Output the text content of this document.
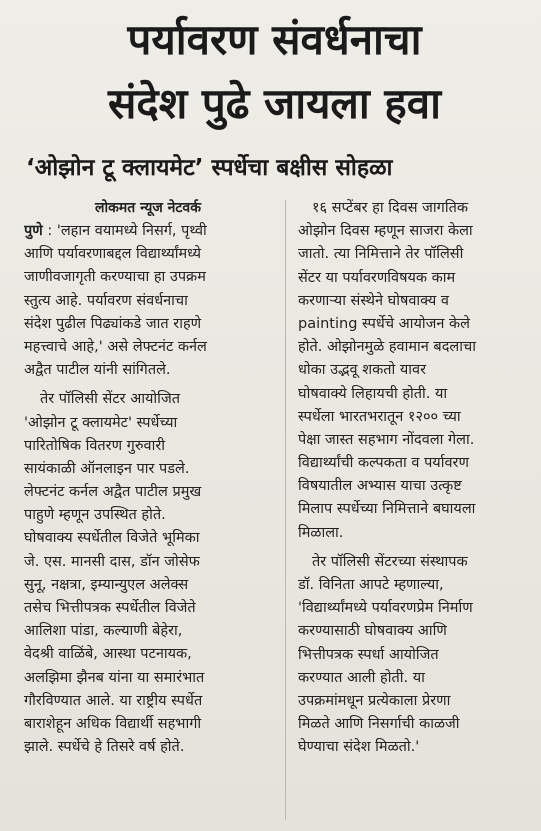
पर्यावरण संवर्धनाचा
संदेश पुढे जायला हवा
‘ओझोन टू क्लायमेट’ स्पर्धेचा बक्षीस सोहळा
लोकमत न्यूज नेटवर्क
पुणे : 'लहान वयामध्ये निसर्ग, पृथ्वी
आणि पर्यावरणाबद्दल विद्यार्थ्यांमध्ये
जाणीवजागृती करण्याचा हा उपक्रम
स्तुत्य आहे. पर्यावरण संवर्धनाचा
संदेश पुढील पिढ्यांकडे जात राहणे
महत्त्वाचे आहे,' असे लेफ्टनंट कर्नल
अद्वैत पाटील यांनी सांगितले.
तेर पॉलिसी सेंटर आयोजित
'ओझोन टू क्लायमेट' स्पर्धेच्या
पारितोषिक वितरण गुरुवारी
सायंकाळी ऑनलाइन पार पडले.
लेफ्टनंट कर्नल अद्वैत पाटील प्रमुख
पाहुणे म्हणून उपस्थित होते.
घोषवाक्य स्पर्धेतील विजेते भूमिका
जे. एस. मानसी दास, डॉन जोसेफ
सुनू, नक्षत्रा, इम्यान्युएल अलेक्स
तसेच भित्तीपत्रक स्पर्धेतील विजेते
आलिशा पांडा, कल्याणी बेहेरा,
वेदश्री वाळिंबे, आस्था पटनायक,
अलझिमा झैनब यांना या समारंभात
गौरविण्यात आले. या राष्ट्रीय स्पर्धेत
बाराशेहून अधिक विद्यार्थी सहभागी
झाले. स्पर्धेचे हे तिसरे वर्ष होते.
१६ सप्टेंबर हा दिवस जागतिक
ओझोन दिवस म्हणून साजरा केला
जातो. त्या निमित्ताने तेर पॉलिसी
सेंटर या पर्यावरणविषयक काम
करणाऱ्या संस्थेने घोषवाक्य व
painting स्पर्धेचे आयोजन केले
होते. ओझोनमुळे हवामान बदलाचा
धोका उद्भवू शकतो यावर
घोषवाक्ये लिहायची होती. या
स्पर्धेला भारतभरातून १२०० च्या
पेक्षा जास्त सहभाग नोंदवला गेला.
विद्यार्थ्यांची कल्पकता व पर्यावरण
विषयातील अभ्यास याचा उत्कृष्ट
मिलाप स्पर्धेच्या निमित्ताने बघायला
मिळाला.
तेर पॉलिसी सेंटरच्या संस्थापक
डॉ. विनिता आपटे म्हणाल्या,
'विद्यार्थ्यांमध्ये पर्यावरणप्रेम निर्माण
करण्यासाठी घोषवाक्य आणि
भित्तीपत्रक स्पर्धा आयोजित
करण्यात आली होती. या
उपक्रमांमधून प्रत्येकाला प्रेरणा
मिळते आणि निसर्गाची काळजी
घेण्याचा संदेश मिळतो.'
